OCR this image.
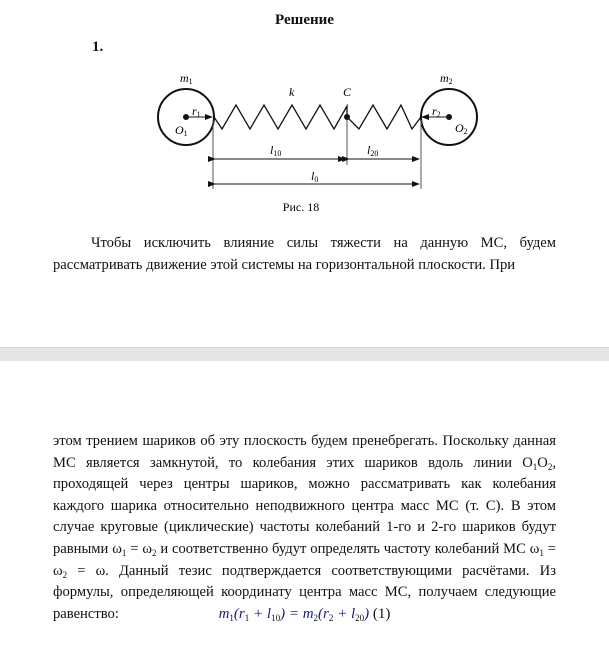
Решение
1.
m1	m2
k	C
r1	r2
O1	O2
l10	l20
l0
Рис. 18
Чтобы исключить влияние силы тяжести на данную МС, будем рассматривать движение этой системы на горизонтальной плоскости. При
этом трением шариков об эту плоскость будем пренебрегать. Поскольку данная МС является замкнутой, то колебания этих шариков вдоль линии $O_1O_2$, проходящей через центры шариков, можно рассматривать как колебания каждого шарика относительно неподвижного центра масс МС (т. С). В этом случае круговые (циклические) частоты колебаний 1-го и 2-го шариков будут равными $\omega_1 = \omega_2$ и соответственно будут определять частоту колебаний МС $\omega_1 = \omega_2 = \omega$. Данный тезис подтверждается соответствующими расчётами. Из формулы, определяющей координату центра масс МС, получаем следующие равенство:	$m_1(r_1 + l_{10}) = m_2(r_2 + l_{20})$ (1)
